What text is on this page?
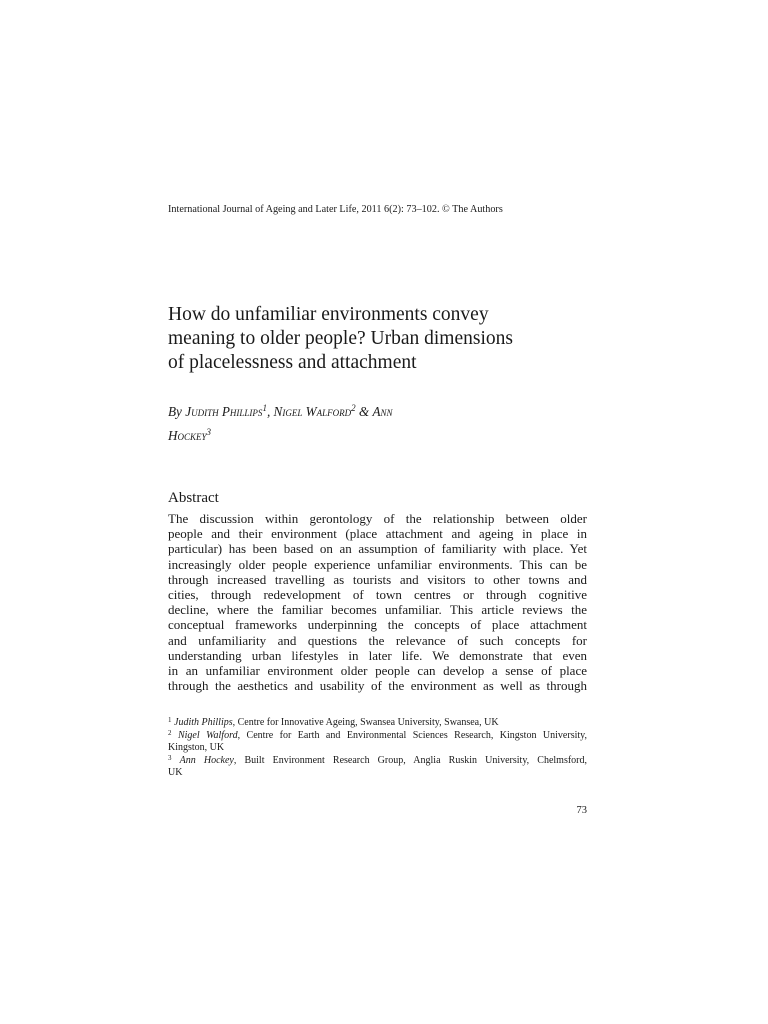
International Journal of Ageing and Later Life, 2011 6(2): 73–102. © The Authors
How do unfamiliar environments convey
meaning to older people? Urban dimensions
of placelessness and attachment
By Judith Phillips$^1$, Nigel Walford$^2$ & Ann
Hockey$^3$
Abstract
The discussion within gerontology of the relationship between older
people and their environment (place attachment and ageing in place in
particular) has been based on an assumption of familiarity with place. Yet
increasingly older people experience unfamiliar environments. This can be
through increased travelling as tourists and visitors to other towns and
cities, through redevelopment of town centres or through cognitive
decline, where the familiar becomes unfamiliar. This article reviews the
conceptual frameworks underpinning the concepts of place attachment
and unfamiliarity and questions the relevance of such concepts for
understanding urban lifestyles in later life. We demonstrate that even
in an unfamiliar environment older people can develop a sense of place
through the aesthetics and usability of the environment as well as through
$^1$ Judith Phillips, Centre for Innovative Ageing, Swansea University, Swansea, UK
$^2$ Nigel Walford, Centre for Earth and Environmental Sciences Research, Kingston University,
Kingston, UK
$^3$ Ann Hockey, Built Environment Research Group, Anglia Ruskin University, Chelmsford,
UK
73
